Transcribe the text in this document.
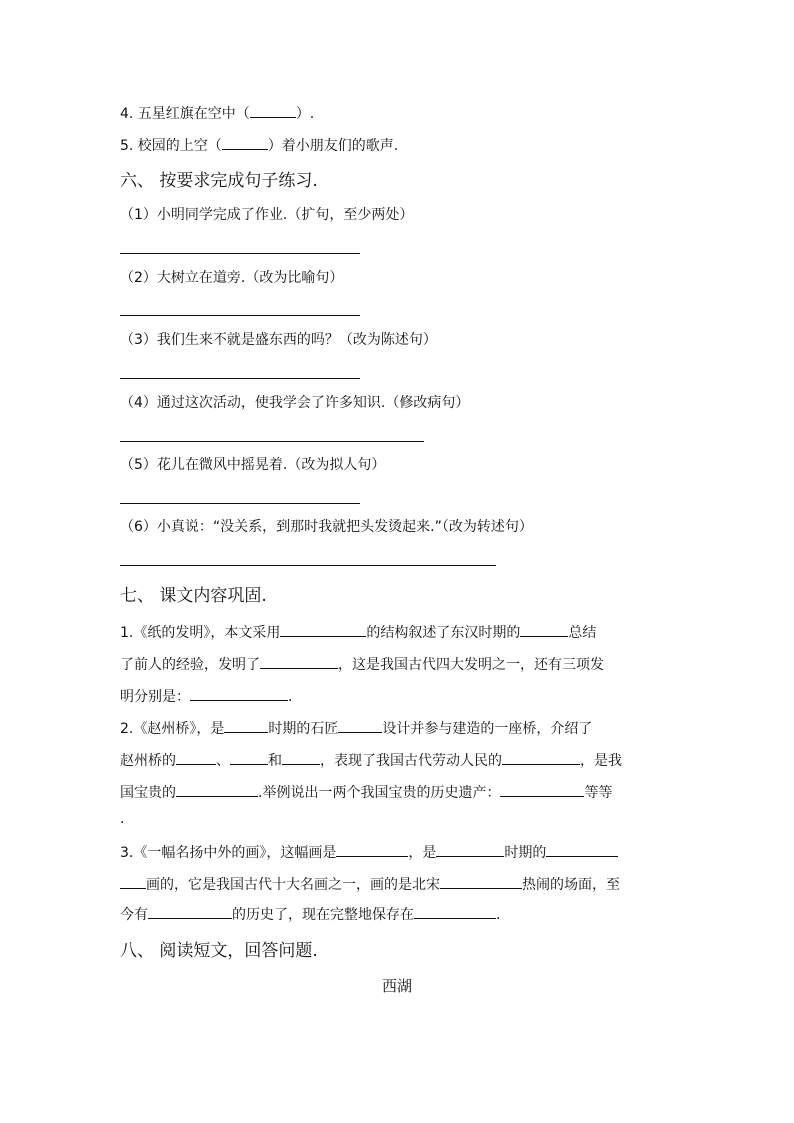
4. 五星红旗在空中（	）.
5. 校园的上空（	）着小朋友们的歌声.
六、 按要求完成句子练习.
（1）小明同学完成了作业.（扩句，至少两处）
（2）大树立在道旁.（改为比喻句）
（3）我们生来不就是盛东西的吗？（改为陈述句）
（4）通过这次活动，使我学会了许多知识.（修改病句）
（5）花儿在微风中摇晃着.（改为拟人句）
（6）小真说：“没关系，到那时我就把头发烫起来.”（改为转述句）
七、 课文内容巩固.
1.《纸的发明》，本文采用	的结构叙述了东汉时期的	总结
了前人的经验，发明了	，这是我国古代四大发明之一，还有三项发
明分别是：	.
2.《赵州桥》，是	时期的石匠	设计并参与建造的一座桥，介绍了
赵州桥的	、	和	，表现了我国古代劳动人民的	，是我
国宝贵的	.举例说出一两个我国宝贵的历史遗产：	等等
.
3.《一幅名扬中外的画》，这幅画是	，是	时期的
画的，它是我国古代十大名画之一，画的是北宋	热闹的场面，至
今有	的历史了，现在完整地保存在	.
八、 阅读短文，回答问题.
西湖
